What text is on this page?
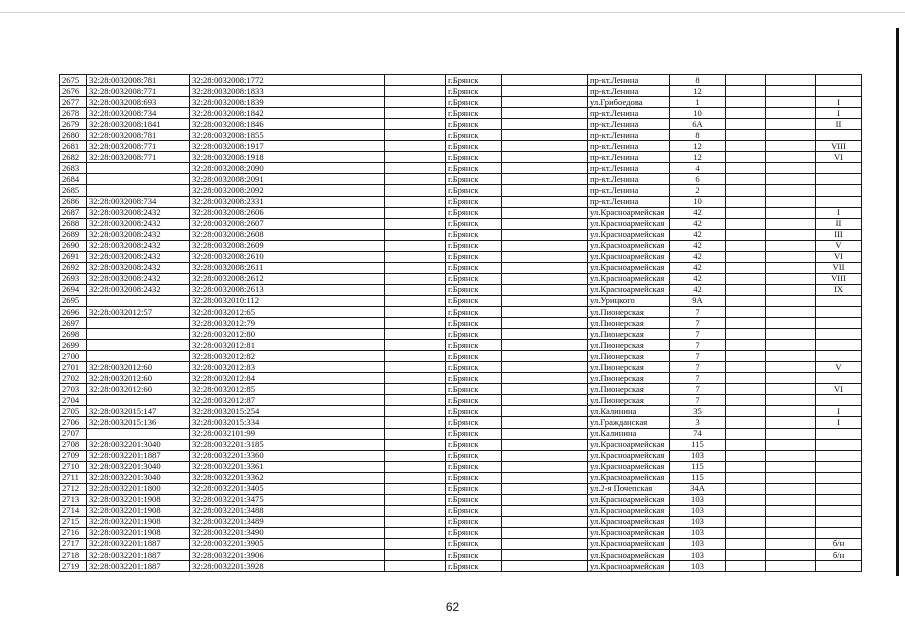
2675	32:28:0032008:781	32:28:0032008:1772		г.Брянск		пр-кт.Ленина	8			
2676	32:28:0032008:771	32:28:0032008:1833		г.Брянск		пр-кт.Ленина	12			
2677	32:28:0032008:693	32:28:0032008:1839		г.Брянск		ул.Грибоедова	1			I
2678	32:28:0032008:734	32:28:0032008:1842		г.Брянск		пр-кт.Ленина	10			I
2679	32:28:0032008:1841	32:28:0032008:1846		г.Брянск		пр-кт.Ленина	6А			II
2680	32:28:0032008:781	32:28:0032008:1855		г.Брянск		пр-кт.Ленина	8			
2681	32:28:0032008:771	32:28:0032008:1917		г.Брянск		пр-кт.Ленина	12			VIII
2682	32:28:0032008:771	32:28:0032008:1918		г.Брянск		пр-кт.Ленина	12			VI
2683		32:28:0032008:2090		г.Брянск		пр-кт.Ленина	4			
2684		32:28:0032008:2091		г.Брянск		пр-кт.Ленина	6			
2685		32:28:0032008:2092		г.Брянск		пр-кт.Ленина	2			
2686	32:28:0032008:734	32:28:0032008:2331		г.Брянск		пр-кт.Ленина	10			
2687	32:28:0032008:2432	32:28:0032008:2606		г.Брянск		ул.Красноармейская	42			I
2688	32:28:0032008:2432	32:28:0032008:2607		г.Брянск		ул.Красноармейская	42			II
2689	32:28:0032008:2432	32:28:0032008:2608		г.Брянск		ул.Красноармейская	42			III
2690	32:28:0032008:2432	32:28:0032008:2609		г.Брянск		ул.Красноармейская	42			V
2691	32:28:0032008:2432	32:28:0032008:2610		г.Брянск		ул.Красноармейская	42			VI
2692	32:28:0032008:2432	32:28:0032008:2611		г.Брянск		ул.Красноармейская	42			VII
2693	32:28:0032008:2432	32:28:0032008:2612		г.Брянск		ул.Красноармейская	42			VIII
2694	32:28:0032008:2432	32:28:0032008:2613		г.Брянск		ул.Красноармейская	42			IX
2695		32:28:0032010:112		г.Брянск		ул.Урицкого	9А			
2696	32:28:0032012:57	32:28:0032012:65		г.Брянск		ул.Пионерская	7			
2697		32:28:0032012:79		г.Брянск		ул.Пионерская	7			
2698		32:28:0032012:80		г.Брянск		ул.Пионерская	7			
2699		32:28:0032012:81		г.Брянск		ул.Пионерская	7			
2700		32:28:0032012:82		г.Брянск		ул.Пионерская	7			
2701	32:28:0032012:60	32:28:0032012:83		г.Брянск		ул.Пионерская	7			V
2702	32:28:0032012:60	32:28:0032012:84		г.Брянск		ул.Пионерская	7			
2703	32:28:0032012:60	32:28:0032012:85		г.Брянск		ул.Пионерская	7			VI
2704		32:28:0032012:87		г.Брянск		ул.Пионерская	7			
2705	32:28:0032015:147	32:28:0032015:254		г.Брянск		ул.Калинина	35			I
2706	32:28:0032015:136	32:28:0032015:334		г.Брянск		ул.Гражданская	3			I
2707		32:28:0032101:99		г.Брянск		ул.Калинина	74			
2708	32:28:0032201:3040	32:28:0032201:3185		г.Брянск		ул.Красноармейская	115			
2709	32:28:0032201:1887	32:28:0032201:3360		г.Брянск		ул.Красноармейская	103			
2710	32:28:0032201:3040	32:28:0032201:3361		г.Брянск		ул.Красноармейская	115			
2711	32:28:0032201:3040	32:28:0032201:3362		г.Брянск		ул.Красноармейская	115			
2712	32:28:0032201:1800	32:28:0032201:3405		г.Брянск		ул.2-я Почепская	34А			
2713	32:28:0032201:1908	32:28:0032201:3475		г.Брянск		ул.Красноармейская	103			
2714	32:28:0032201:1908	32:28:0032201:3488		г.Брянск		ул.Красноармейская	103			
2715	32:28:0032201:1908	32:28:0032201:3489		г.Брянск		ул.Красноармейская	103			
2716	32:28:0032201:1908	32:28:0032201:3490		г.Брянск		ул.Красноармейская	103			
2717	32:28:0032201:1887	32:28:0032201:3905		г.Брянск		ул.Красноармейская	103			б/н
2718	32:28:0032201:1887	32:28:0032201:3906		г.Брянск		ул.Красноармейская	103			б/н
2719	32:28:0032201:1887	32:28:0032201:3928		г.Брянск		ул.Красноармейская	103			
62
